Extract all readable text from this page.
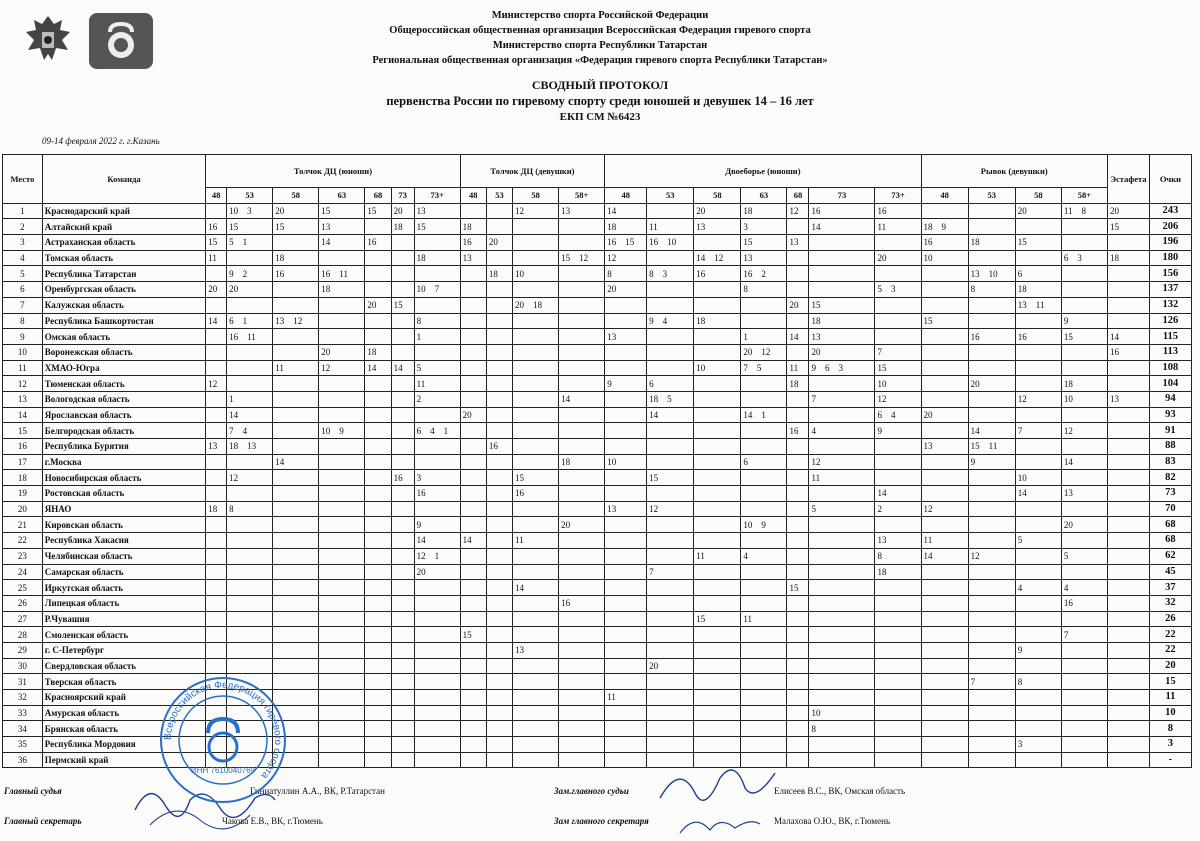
Министерство спорта Российской Федерации
Общероссийская общественная организация Всероссийская Федерация гиревого спорта
Министерство спорта Республики Татарстан
Региональная общественная организация «Федерация гиревого спорта Республики Татарстан»
СВОДНЫЙ ПРОТОКОЛ
первенства России по гиревому спорту среди юношей и девушек 14 – 16 лет
ЕКП СМ №6423
09-14 февраля 2022 г. г.Казань
Место	Команда	Толчок ДЦ (юноши)							Толчок ДЦ (девушки)				Двоеборье (юноши)							Рывок (девушки)				Эстафета	Очки
		48	53	58	63	68	73	73+	48	53	58	58+	48	53	58	63	68	73	73+	48	53	58	58+		
1	Краснодарский край		10 3	20	15	15	20	13			12	13	14		20	18	12	16	16			20	11 8	20	243
2	Алтайский край	16	15	15	13		18	15	18				18	11	13	3		14	11	18 9				15	206
3	Астраханская область	15	5 1		14	16			16	20			16 15	16 10		15	13			16	18	15			196
4	Томская область	11		18				18	13			15 12	12		14 12	13			20	10			6 3	18	180
5	Республика Татарстан		9 2	16	16 11					18	10		8	8 3	16	16 2					13 10	6			156
6	Оренбургская область	20	20		18			10 7					20			8			5 3		8	18			137
7	Калужская область					20	15				20 18						20	15				13 11			132
8	Республика Башкортостан	14	6 1	13 12				8						9 4	18			18		15			9		126
9	Омская область		16 11					1					13			1	14	13			16	16	15	14	115
10	Воронежская область				20	18										20 12		20	7					16	113
11	ХМАО-Югра			11	12	14	14	5							10	7 5	11	9 6 3	15						108
12	Тюменская область	12						11					9	6			18		10		20		18		104
13	Вологодская область		1					2				14		18 5				7	12			12	10	13	94
14	Ярославская область		14						20					14		14 1			6 4	20					93
15	Белгородская область		7 4		10 9			6 4 1									16	4	9		14	7	12		91
16	Республика Бурятия	13	18 13							16										13	15 11				88
17	г.Москва			14								18	10			6		12			9		14		83
18	Новосибирская область		12				16	3			15			15				11				10			82
19	Ростовская область							16			16								14			14	13		73
20	ЯНАО	18	8										13	12				5	2	12					70
21	Кировская область							9				20				10 9							20		68
22	Республика Хакасия							14	14		11								13	11		5			68
23	Челябинская область							12 1							11	4			8	14	12		5		62
24	Самарская область							20						7					18						45
25	Иркутская область										14						15					4	4		37
26	Липецкая область											16											16		32
27	Р.Чувашия														15	11									26
28	Смоленская область								15														7		22
29	г. С-Петербург										13											9			22
30	Свердловская область													20											20
31	Тверская область																				7	8			15
32	Красноярский край												11												11
33	Амурская область																	10							10
34	Брянская область																	8							8
35	Республика Мордовия																					3			3
36	Пермский край																								-
Главный судья	Гиниатуллин А.А., ВК, Р.Татарстан
Главный секретарь	Чакова Е.В., ВК, г.Тюмень
Зам.главного судьи	Елисеев В.С., ВК, Омская область
Зам главного секретаря	Малахова О.Ю., ВК, г.Тюмень
Всероссийская Федерация гиревого спорта
ИНН 7610040769
